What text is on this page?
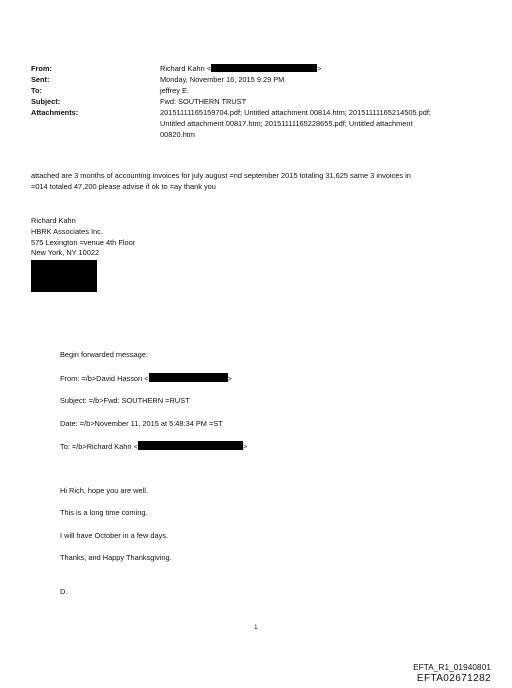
From:	Richard Kahn <	>
Sent:	Monday, November 16, 2015 9:29 PM
To:	jeffrey E.
Subject:	Fwd: SOUTHERN TRUST
Attachments:	20151111165159704.pdf; Untitled attachment 00814.htm; 20151111165214505.pdf;
Untitled attachment 00817.htm; 20151111165228655.pdf; Untitled attachment
00820.htm
attached are 3 months of accounting invoices for july august =nd september 2015 totaling 31,625 same 3 invoices in
=014 totaled 47,200 please advise if ok to =ay thank you
Richard Kahn
HBRK Associates Inc.
575 Lexington =venue 4th Floor
New York, NY 10022
Begin forwarded message:
From: =/b>David Hasson <	>
Subject: =/b>Fwd: SOUTHERN =RUST
Date: =/b>November 11, 2015 at 5:48:34 PM =ST
To: =/b>Richard Kahn <	>
Hi Rich, hope you are well.
This is a long time coming.
I will have October in a few days.
Thanks, and Happy Thanksgiving.
D.
1
EFTA_R1_01940801
EFTA02671282
